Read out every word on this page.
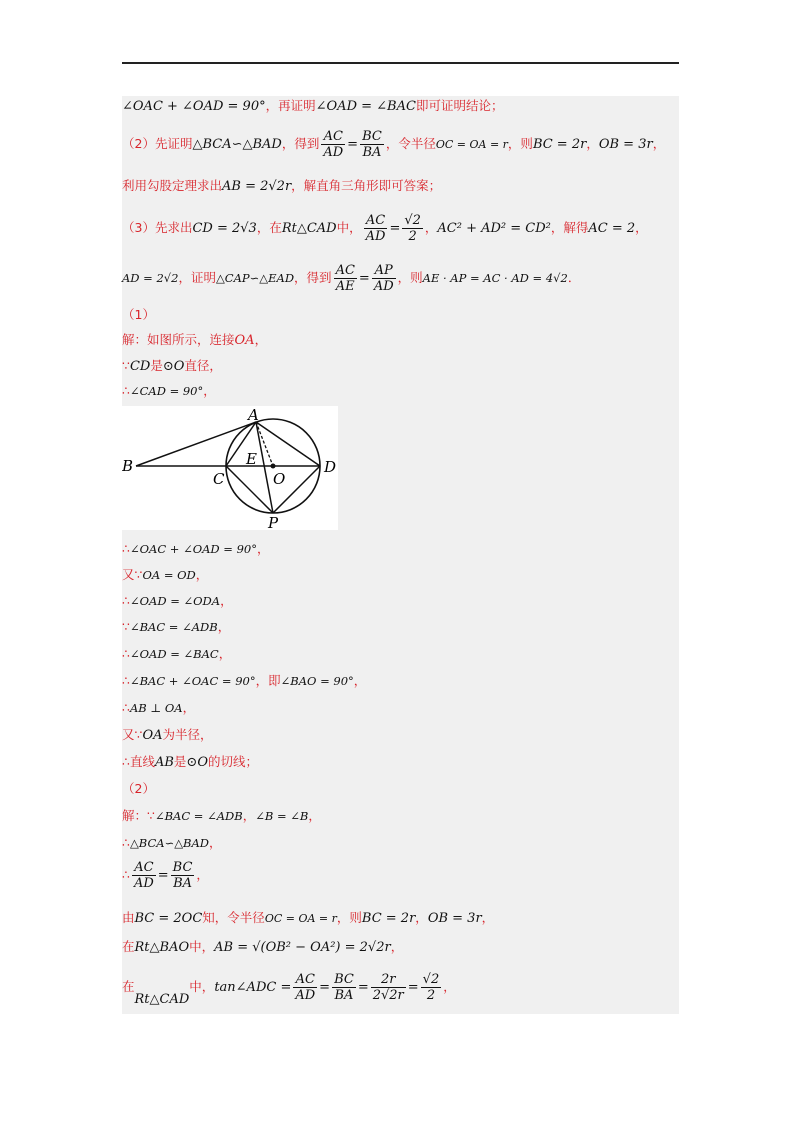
∠OAC + ∠OAD = 90°，再证明∠OAD = ∠BAC即可证明结论；
（2）先证明△BCA∽△BAD，得到 $\frac{AC}{AD} = \frac{BC}{BA}$ ，令半径OC = OA = r，则BC = 2r，OB = 3r，
利用勾股定理求出AB = 2√2r，解直角三角形即可答案；
（3）先求出CD = 2√3，在Rt△CAD中， $\frac{AC}{AD} = \frac{√2}{2}$ ，AC² + AD² = CD²，解得AC = 2，
AD = 2√2，证明△CAP∽△EAD，得到 $\frac{AC}{AE} = \frac{AP}{AD}$ ，则AE · AP = AC · AD = 4√2．
（1）
解：如图所示，连接OA，
∵CD是⊙O直径，
∴∠CAD = 90°，
A
B
C
D
E
O
P
∴∠OAC + ∠OAD = 90°，
又∵OA = OD，
∴∠OAD = ∠ODA，
∵∠BAC = ∠ADB，
∴∠OAD = ∠BAC，
∴∠BAC + ∠OAC = 90°，即∠BAO = 90°，
∴AB ⊥ OA，
又∵OA为半径，
∴直线AB是⊙O的切线；
（2）
解：∵∠BAC = ∠ADB，∠B = ∠B，
∴△BCA∽△BAD，
∴ $\frac{AC}{AD} = \frac{BC}{BA}$ ，
由BC = 2OC知，令半径OC = OA = r，则BC = 2r，OB = 3r，
在Rt△BAO中，AB = √(OB² − OA²) = 2√2r，
在Rt△CAD中，tan∠ADC = $\frac{AC}{AD} = \frac{BC}{BA} = \frac{2r}{2√2r} = \frac{√2}{2}$ ，
